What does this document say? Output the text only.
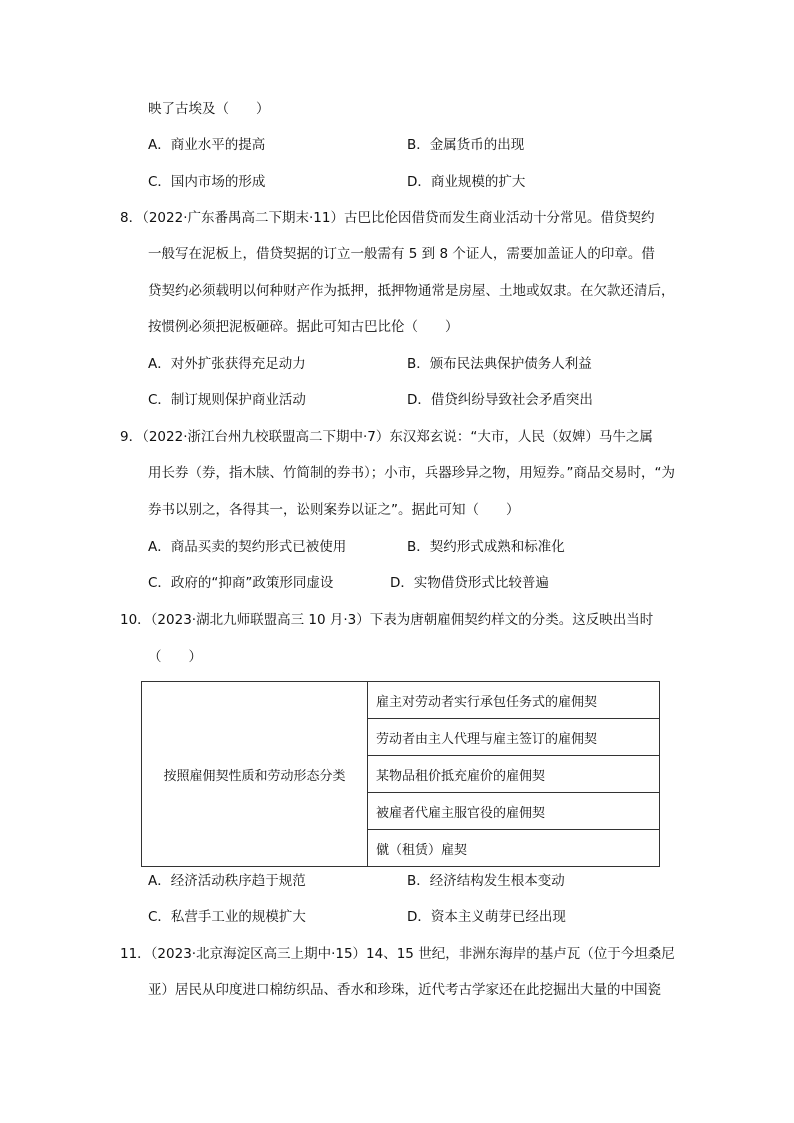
映了古埃及（　　）
A．商业水平的提高	B．金属货币的出现
C．国内市场的形成	D．商业规模的扩大
8．（2022·广东番禺高二下期末·11）古巴比伦因借贷而发生商业活动十分常见。借贷契约
一般写在泥板上，借贷契据的订立一般需有 5 到 8 个证人，需要加盖证人的印章。借
贷契约必须载明以何种财产作为抵押，抵押物通常是房屋、土地或奴隶。在欠款还清后，
按惯例必须把泥板砸碎。据此可知古巴比伦（　　）
A．对外扩张获得充足动力	B．颁布民法典保护债务人利益
C．制订规则保护商业活动	D．借贷纠纷导致社会矛盾突出
9．（2022·浙江台州九校联盟高二下期中·7）东汉郑玄说：“大市，人民（奴婢）马牛之属
用长券（券，指木牍、竹简制的券书）；小市，兵器珍异之物，用短券。”商品交易时，“为
券书以别之，各得其一，讼则案券以证之”。据此可知（　　）
A．商品买卖的契约形式已被使用	B．契约形式成熟和标准化
C．政府的“抑商”政策形同虚设	D．实物借贷形式比较普遍
10．（2023·湖北九师联盟高三 10 月·3）下表为唐朝雇佣契约样文的分类。这反映出当时
（　　）
按照雇佣契性质和劳动形态分类	雇主对劳动者实行承包任务式的雇佣契
劳动者由主人代理与雇主签订的雇佣契
某物品租价抵充雇价的雇佣契
被雇者代雇主服官役的雇佣契
僦（租赁）雇契
A．经济活动秩序趋于规范	B．经济结构发生根本变动
C．私营手工业的规模扩大	D．资本主义萌芽已经出现
11．（2023·北京海淀区高三上期中·15）14、15 世纪，非洲东海岸的基卢瓦（位于今坦桑尼
亚）居民从印度进口棉纺织品、香水和珍珠，近代考古学家还在此挖掘出大量的中国瓷
